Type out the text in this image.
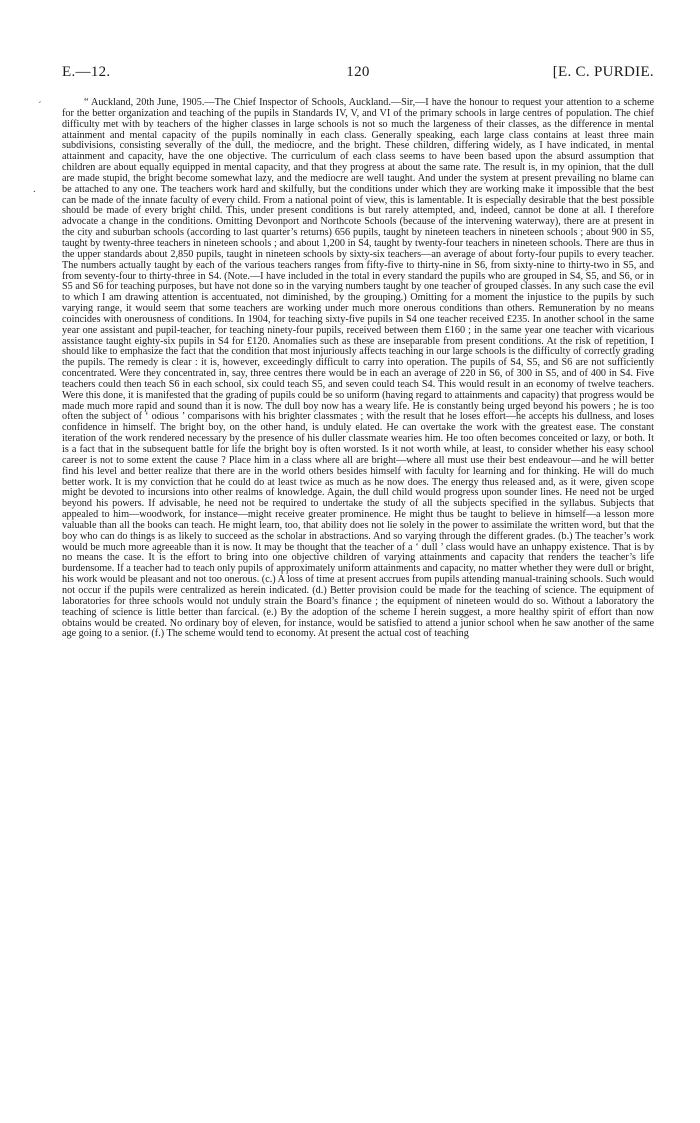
E.—12.	120	[E. C. PURDIE.
´
.

“ Auckland, 20th June, 1905.—The Chief Inspector of Schools, Auckland.—Sir,—I have the honour to request your attention to a scheme for the better organization and teaching of the pupils in Standards IV, V, and VI of the primary schools in large centres of population. The chief difficulty met with by teachers of the higher classes in large schools is not so much the largeness of their classes, as the difference in mental attainment and mental capacity of the pupils nominally in each class. Generally speaking, each large class contains at least three main subdivisions, consisting severally of the dull, the mediocre, and the bright. These children, differing widely, as I have indicated, in mental attainment and capacity, have the one objective. The curriculum of each class seems to have been based upon the absurd assumption that children are about equally equipped in mental capacity, and that they progress at about the same rate. The result is, in my opinion, that the dull are made stupid, the bright become somewhat lazy, and the mediocre are well taught. And under the system at present prevailing no blame can be attached to any one. The teachers work hard and skilfully, but the conditions under which they are working make it impossible that the best can be made of the innate faculty of every child. From a national point of view, this is lamentable. It is especially desirable that the best possible should be made of every bright child. This, under present conditions is but rarely attempted, and, indeed, cannot be done at all. I therefore advocate a change in the conditions. Omitting Devonport and Northcote Schools (because of the intervening waterway), there are at present in the city and suburban schools (according to last quarter’s returns) 656 pupils, taught by nineteen teachers in nineteen schools ; about 900 in S5, taught by twenty-three teachers in nineteen schools ; and about 1,200 in S4, taught by twenty-four teachers in nineteen schools. There are thus in the upper standards about 2,850 pupils, taught in nineteen schools by sixty-six teachers—an average of about forty-four pupils to every teacher. The numbers actually taught by each of the various teachers ranges from fifty-five to thirty-nine in S6, from sixty-nine to thirty-two in S5, and from seventy-four to thirty-three in S4. (Note.—I have included in the total in every standard the pupils who are grouped in S4, S5, and S6, or in S5 and S6 for teaching purposes, but have not done so in the varying numbers taught by one teacher of grouped classes. In any such case the evil to which I am drawing attention is accentuated, not diminished, by the grouping.) Omitting for a moment the injustice to the pupils by such varying range, it would seem that some teachers are working under much more onerous conditions than others. Remuneration by no means coincides with onerousness of conditions. In 1904, for teaching sixty-five pupils in S4 one teacher received £235. In another school in the same year one assistant and pupil-teacher, for teaching ninety-four pupils, received between them £160 ; in the same year one teacher with vicarious assistance taught eighty-six pupils in S4 for £120. Anomalies such as these are inseparable from present conditions. At the risk of repetition, I should like to emphasize the fact that the condition that most injuriously affects teaching in our large schools is the difficulty of correctly grading the pupils. The remedy is clear : it is, however, exceedingly difficult to carry into operation. The pupils of S4, S5, and S6 are not sufficiently concentrated. Were they concentrated in, say, three centres there would be in each an average of 220 in S6, of 300 in S5, and of 400 in S4. Five teachers could then teach S6 in each school, six could teach S5, and seven could teach S4. This would result in an economy of twelve teachers. Were this done, it is manifested that the grading of pupils could be so uniform (having regard to attainments and capacity) that progress would be made much more rapid and sound than it is now. The dull boy now has a weary life. He is constantly being urged beyond his powers ; he is too often the subject of ‘ odious ’ comparisons with his brighter classmates ; with the result that he loses effort—he accepts his dullness, and loses confidence in himself. The bright boy, on the other hand, is unduly elated. He can overtake the work with the greatest ease. The constant iteration of the work rendered necessary by the presence of his duller classmate wearies him. He too often becomes conceited or lazy, or both. It is a fact that in the subsequent battle for life the bright boy is often worsted. Is it not worth while, at least, to consider whether his easy school career is not to some extent the cause ? Place him in a class where all are bright—where all must use their best endeavour—and he will better find his level and better realize that there are in the world others besides himself with faculty for learning and for thinking. He will do much better work. It is my conviction that he could do at least twice as much as he now does. The energy thus released and, as it were, given scope might be devoted to incursions into other realms of knowledge. Again, the dull child would progress upon sounder lines. He need not be urged beyond his powers. If advisable, he need not be required to undertake the study of all the subjects specified in the syllabus. Subjects that appealed to him—woodwork, for instance—might receive greater prominence. He might thus be taught to believe in himself—a lesson more valuable than all the books can teach. He might learn, too, that ability does not lie solely in the power to assimilate the written word, but that the boy who can do things is as likely to succeed as the scholar in abstractions. And so varying through the different grades. (b.) The teacher’s work would be much more agreeable than it is now. It may be thought that the teacher of a ‘ dull ’ class would have an unhappy existence. That is by no means the case. It is the effort to bring into one objective children of varying attainments and capacity that renders the teacher’s life burdensome. If a teacher had to teach only pupils of approximately uniform attainments and capacity, no matter whether they were dull or bright, his work would be pleasant and not too onerous. (c.) A loss of time at present accrues from pupils attending manual-training schools. Such would not occur if the pupils were centralized as herein indicated. (d.) Better provision could be made for the teaching of science. The equipment of laboratories for three schools would not unduly strain the Board’s finance ; the equipment of nineteen would do so. Without a laboratory the teaching of science is little better than farcical. (e.) By the adoption of the scheme I herein suggest, a more healthy spirit of effort than now obtains would be created. No ordinary boy of eleven, for instance, would be satisfied to attend a junior school when he saw another of the same age going to a senior. (f.) The scheme would tend to economy. At present the actual cost of teaching
